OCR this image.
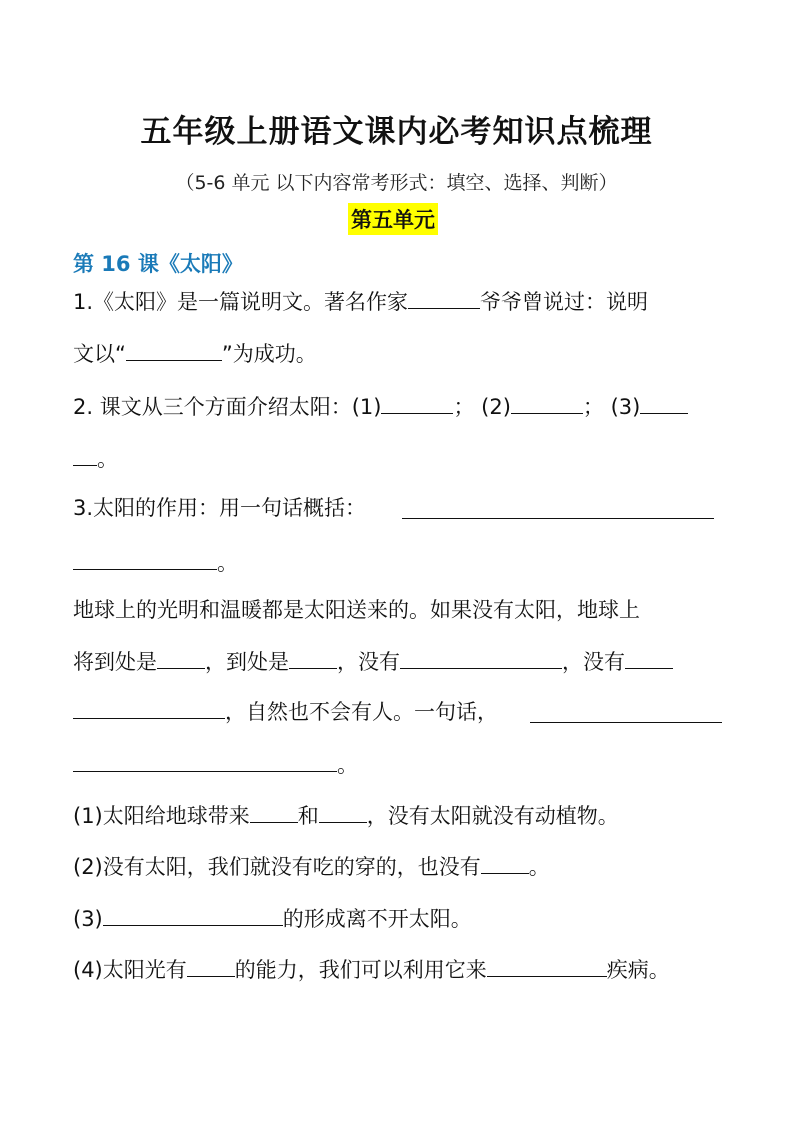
五年级上册语文课内必考知识点梳理
（5-6 单元 以下内容常考形式：填空、选择、判断）
第五单元
第 16 课《太阳》
1.《太阳》是一篇说明文。著名作家	爷爷曾说过：说明
文以“	”为成功。
2. 课文从三个方面介绍太阳：(1)	； (2)	； (3)
。
3.太阳的作用：用一句话概括：
。
地球上的光明和温暖都是太阳送来的。如果没有太阳，地球上
将到处是 ，到处是 ，没有	，没有
，自然也不会有人。一句话，
。
(1)太阳给地球带来 和 ，没有太阳就没有动植物。
(2)没有太阳，我们就没有吃的穿的，也没有 。
(3)	的形成离不开太阳。
(4)太阳光有 的能力，我们可以利用它来	疾病。
